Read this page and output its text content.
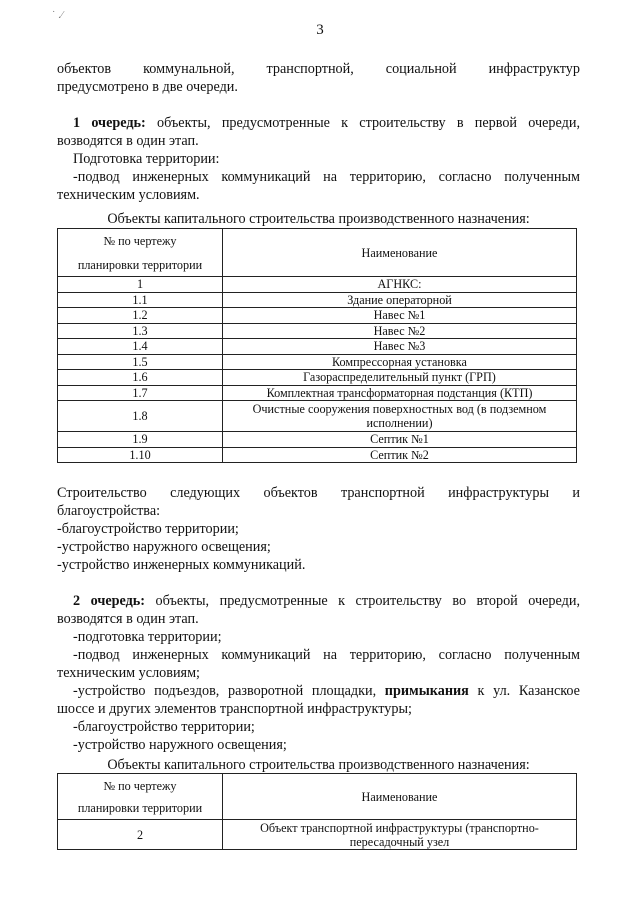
˙ ․⁄
3

объектов коммунальной, транспортной, социальной инфраструктур

предусмотрено в две очереди.

1 очередь: объекты, предусмотренные к строительству в первой очереди, возводятся в один этап.

Подготовка территории:

-подвод инженерных коммуникаций на территорию, согласно полученным техническим условиям.

Объекты капитального строительства производственного назначения:
№ по чертежу
планировки территории	Наименование
1	АГНКС:
1.1	Здание операторной
1.2	Навес №1
1.3	Навес №2
1.4	Навес №3
1.5	Компрессорная установка
1.6	Газораспределительный пункт (ГРП)
1.7	Комплектная трансформаторная подстанция (КТП)
1.8	Очистные сооружения поверхностных вод (в подземном исполнении)
1.9	Септик №1
1.10	Септик №2

Строительство следующих объектов транспортной инфраструктуры и

благоустройства:

-благоустройство территории;

-устройство наружного освещения;

-устройство инженерных коммуникаций.

2 очередь: объекты, предусмотренные к строительству во второй очереди, возводятся в один этап.

-подготовка территории;

-подвод инженерных коммуникаций на территорию, согласно полученным техническим условиям;

-устройство подъездов, разворотной площадки, примыкания к ул. Казанское шоссе и других элементов транспортной инфраструктуры;

-благоустройство территории;

-устройство наружного освещения;

Объекты капитального строительства производственного назначения:
№ по чертежу
планировки территории	Наименование
2	Объект транспортной инфраструктуры (транспортно-пересадочный узел
